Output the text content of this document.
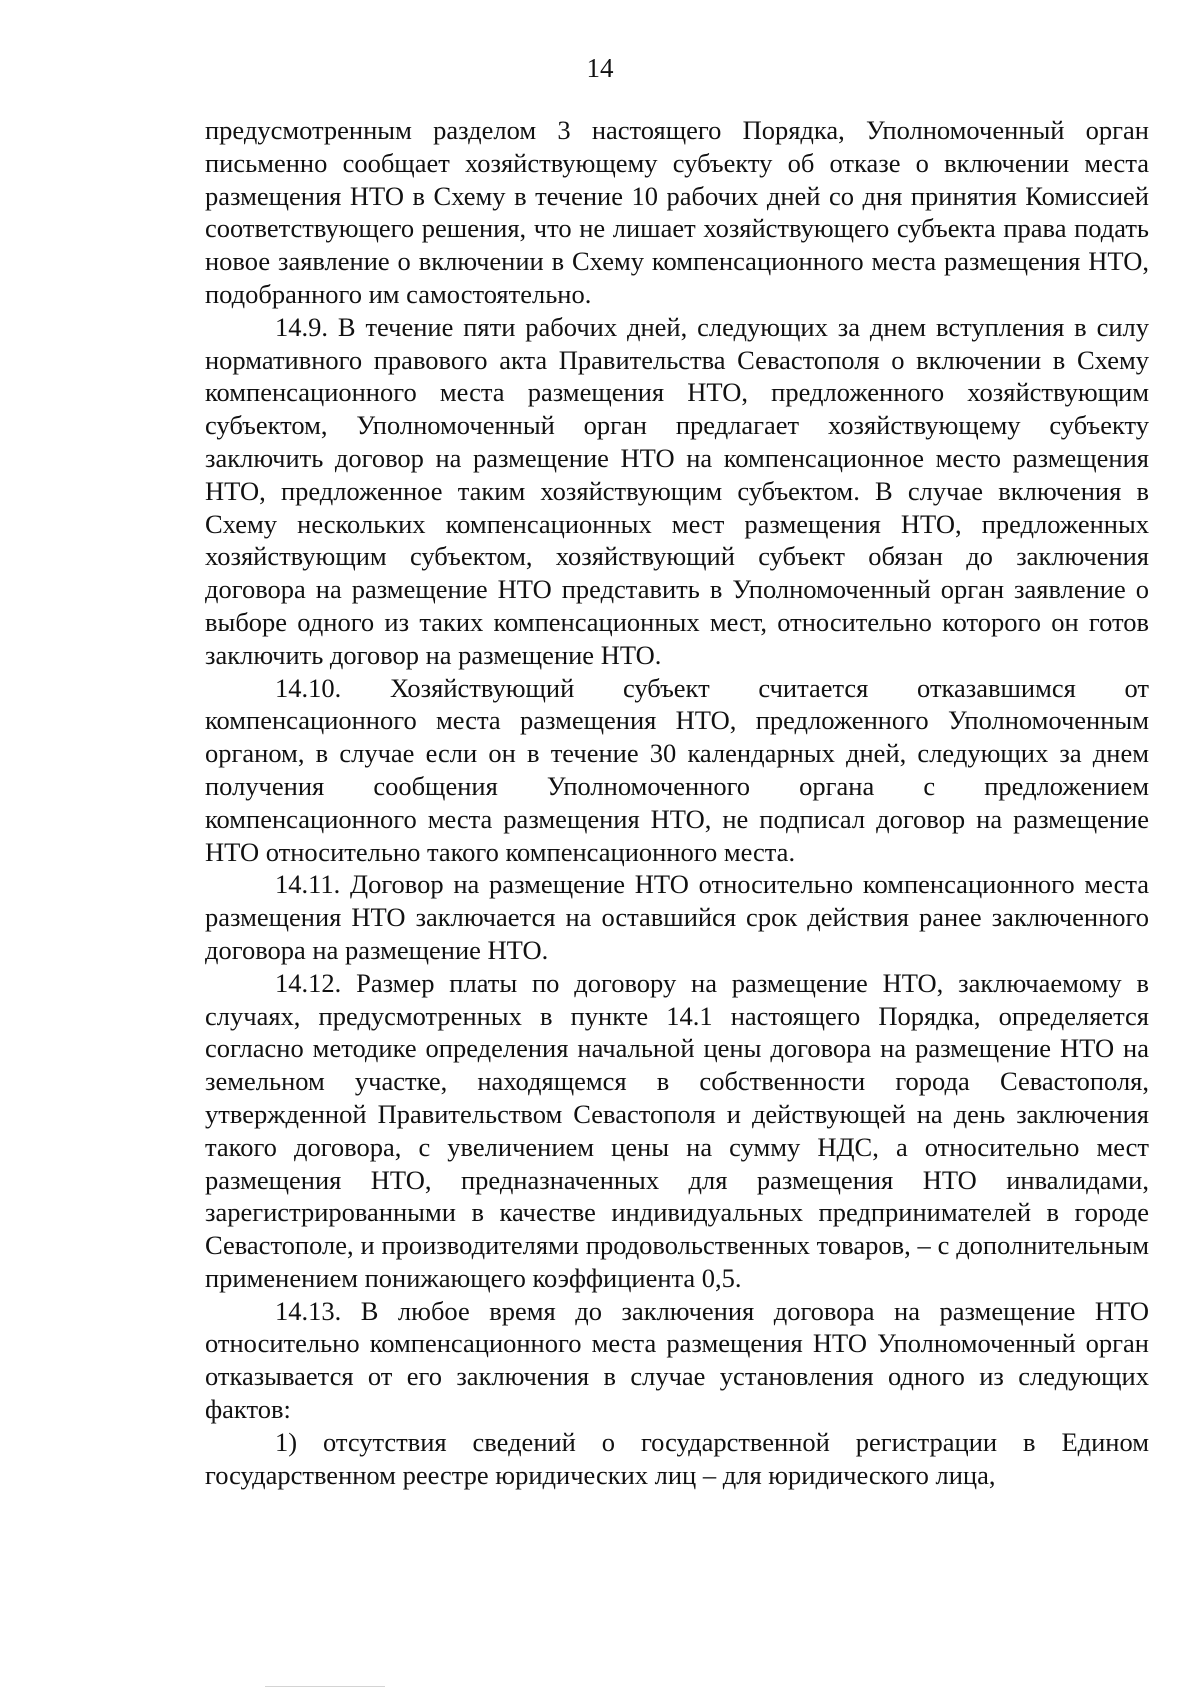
14

предусмотренным разделом 3 настоящего Порядка, Уполномоченный орган письменно сообщает хозяйствующему субъекту об отказе о включении места размещения НТО в Схему в течение 10 рабочих дней со дня принятия Комиссией соответствующего решения, что не лишает хозяйствующего субъекта права подать новое заявление о включении в Схему компенсационного места размещения НТО, подобранного им самостоятельно.

14.9. В течение пяти рабочих дней, следующих за днем вступления в силу нормативного правового акта Правительства Севастополя о включении в Схему компенсационного места размещения НТО, предложенного хозяйствующим субъектом, Уполномоченный орган предлагает хозяйствующему субъекту заключить договор на размещение НТО на компенсационное место размещения НТО, предложенное таким хозяйствующим субъектом. В случае включения в Схему нескольких компенсационных мест размещения НТО, предложенных хозяйствующим субъектом, хозяйствующий субъект обязан до заключения договора на размещение НТО представить в Уполномоченный орган заявление о выборе одного из таких компенсационных мест, относительно которого он готов заключить договор на размещение НТО.

14.10. Хозяйствующий субъект считается отказавшимся от компенсационного места размещения НТО, предложенного Уполномоченным органом, в случае если он в течение 30 календарных дней, следующих за днем получения сообщения Уполномоченного органа с предложением компенсационного места размещения НТО, не подписал договор на размещение НТО относительно такого компенсационного места.

14.11. Договор на размещение НТО относительно компенсационного места размещения НТО заключается на оставшийся срок действия ранее заключенного договора на размещение НТО.

14.12. Размер платы по договору на размещение НТО, заключаемому в случаях, предусмотренных в пункте 14.1 настоящего Порядка, определяется согласно методике определения начальной цены договора на размещение НТО на земельном участке, находящемся в собственности города Севастополя, утвержденной Правительством Севастополя и действующей на день заключения такого договора, с увеличением цены на сумму НДС, а относительно мест размещения НТО, предназначенных для размещения НТО инвалидами, зарегистрированными в качестве индивидуальных предпринимателей в городе Севастополе, и производителями продовольственных товаров, – с дополнительным применением понижающего коэффициента 0,5.

14.13. В любое время до заключения договора на размещение НТО относительно компенсационного места размещения НТО Уполномоченный орган отказывается от его заключения в случае установления одного из следующих фактов:

1) отсутствия сведений о государственной регистрации в Едином государственном реестре юридических лиц – для юридического лица,
